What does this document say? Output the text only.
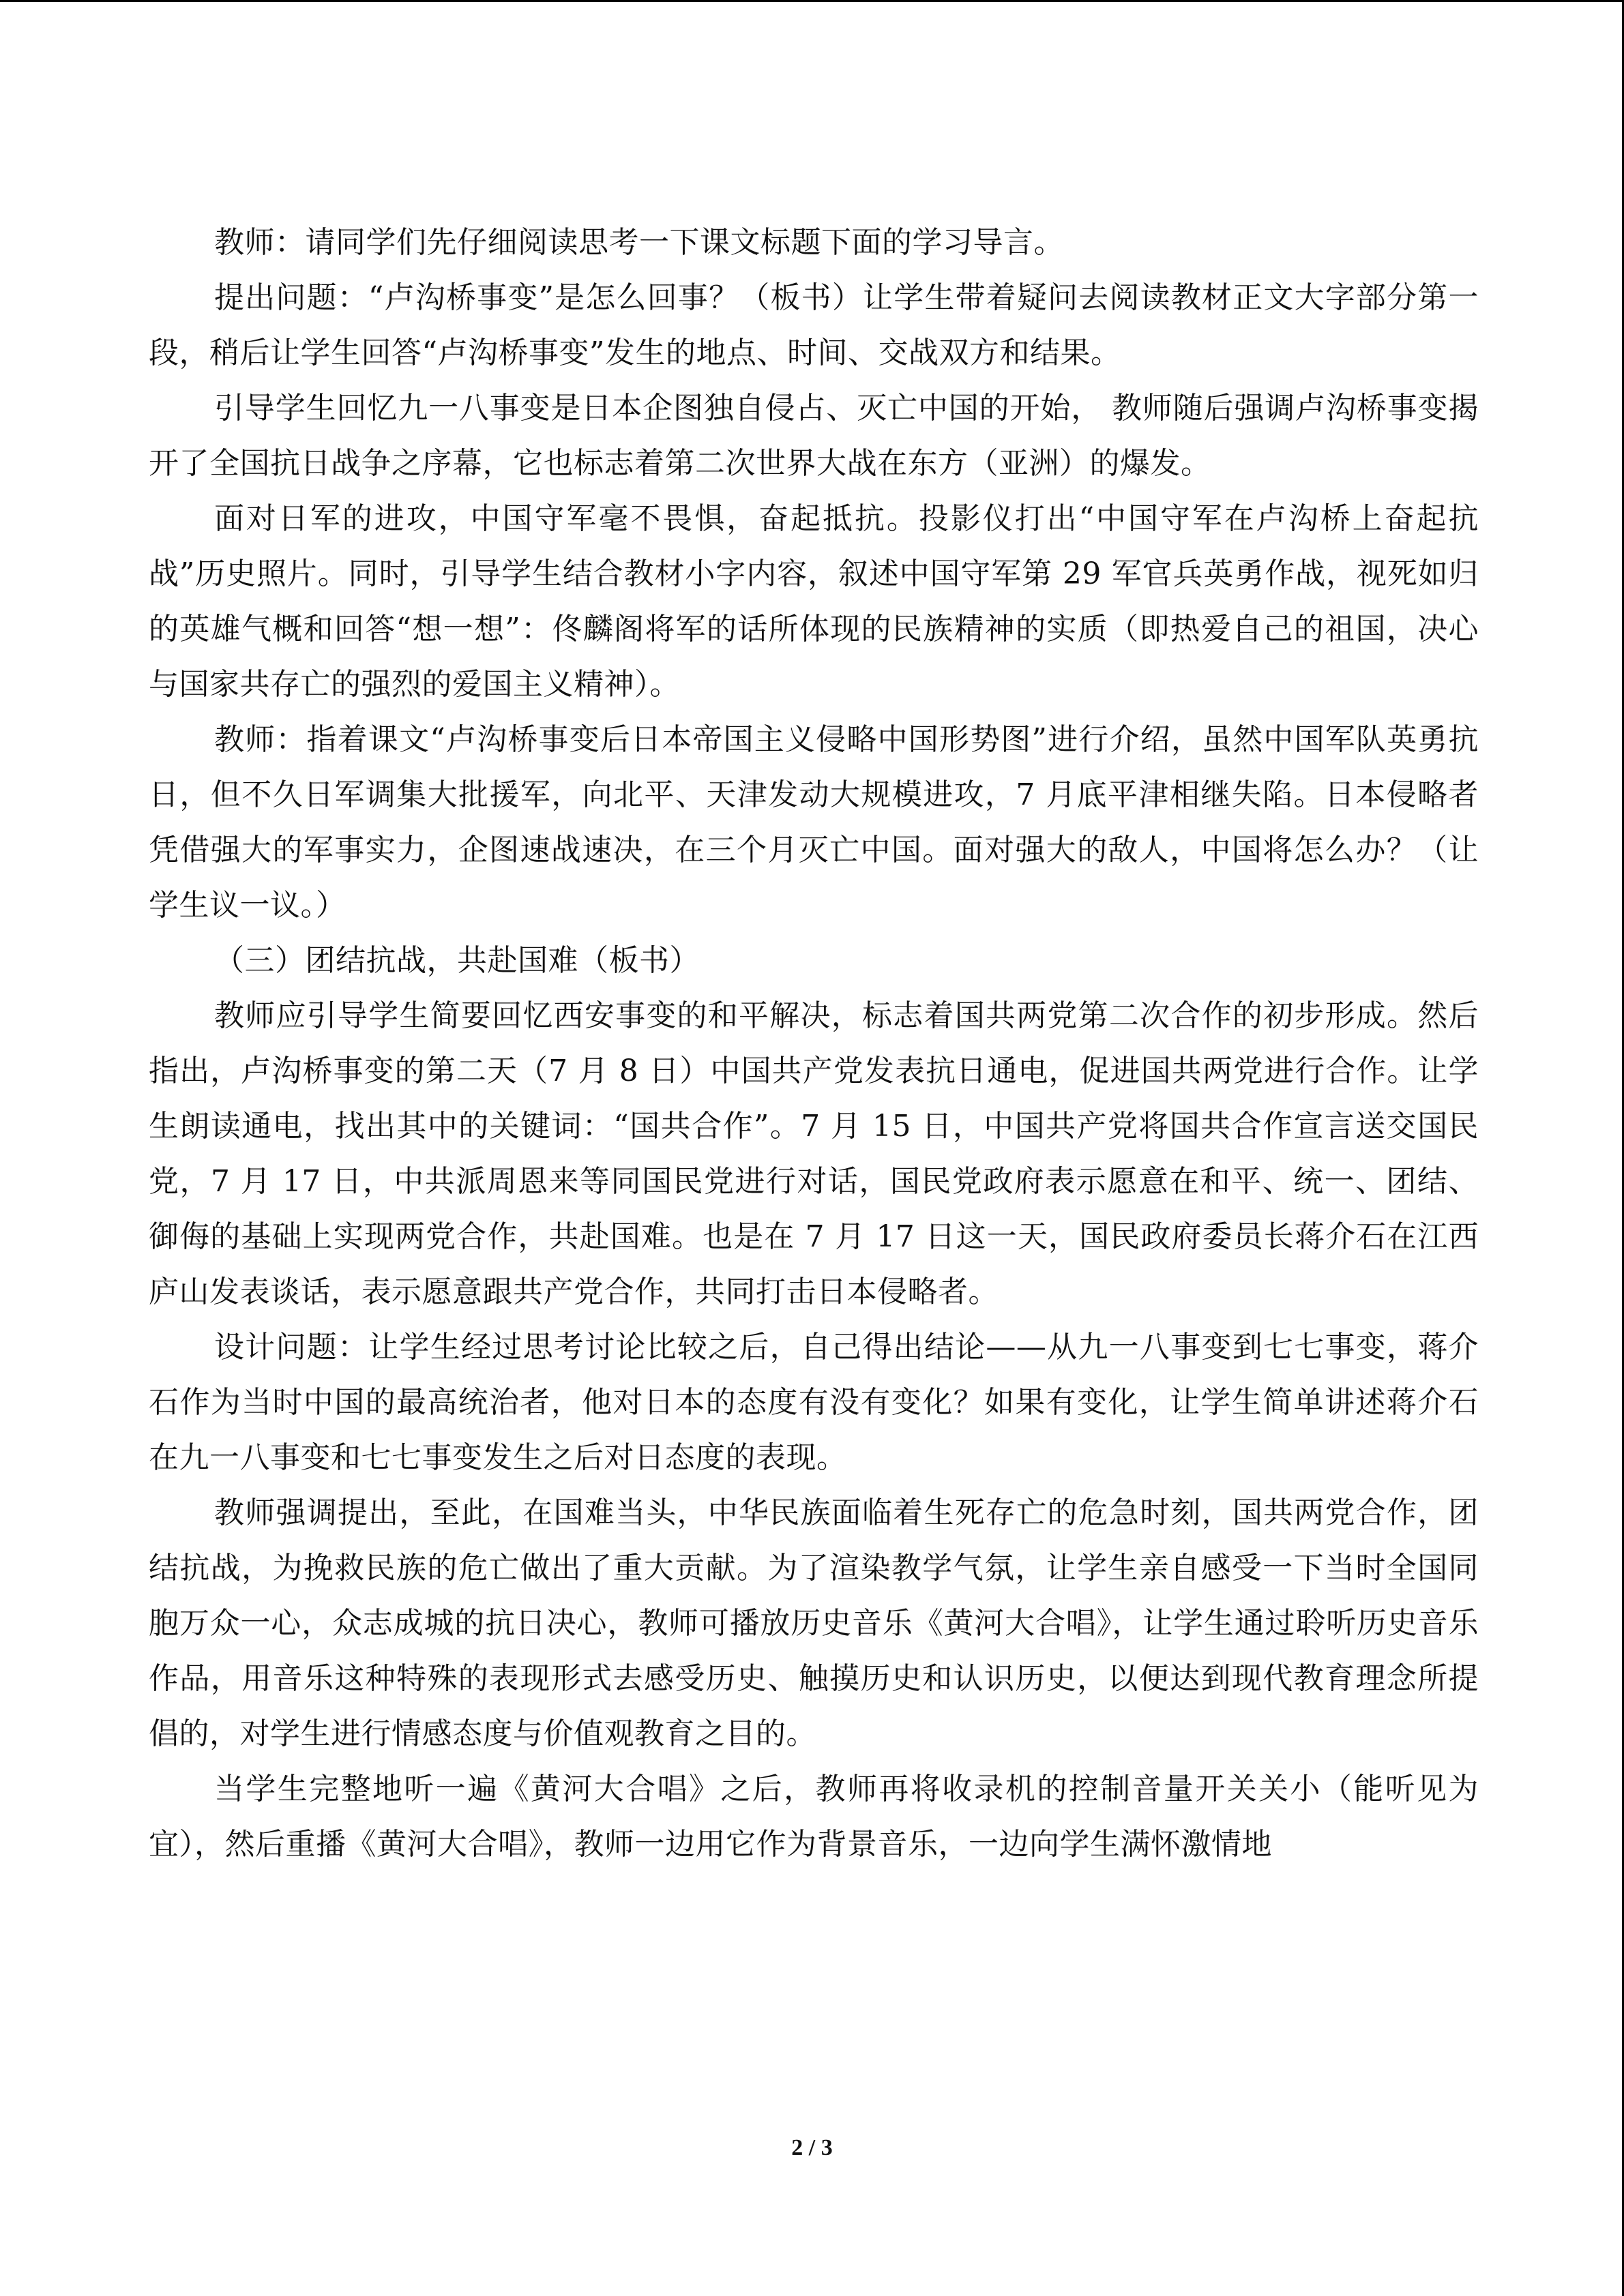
教师：请同学们先仔细阅读思考一下课文标题下面的学习导言。

提出问题：“卢沟桥事变”是怎么回事？（板书）让学生带着疑问去阅读教材正文大字部分第一段，稍后让学生回答“卢沟桥事变”发生的地点、时间、交战双方和结果。

引导学生回忆九一八事变是日本企图独自侵占、灭亡中国的开始， 教师随后强调卢沟桥事变揭开了全国抗日战争之序幕，它也标志着第二次世界大战在东方（亚洲）的爆发。

面对日军的进攻，中国守军毫不畏惧，奋起抵抗。投影仪打出“中国守军在卢沟桥上奋起抗战”历史照片。同时，引导学生结合教材小字内容，叙述中国守军第 29 军官兵英勇作战，视死如归的英雄气概和回答“想一想”：佟麟阁将军的话所体现的民族精神的实质（即热爱自己的祖国，决心与国家共存亡的强烈的爱国主义精神）。

教师：指着课文“卢沟桥事变后日本帝国主义侵略中国形势图”进行介绍，虽然中国军队英勇抗日，但不久日军调集大批援军，向北平、天津发动大规模进攻，7 月底平津相继失陷。日本侵略者凭借强大的军事实力，企图速战速决，在三个月灭亡中国。面对强大的敌人，中国将怎么办？（让学生议一议。）

（三）团结抗战，共赴国难（板书）

教师应引导学生简要回忆西安事变的和平解决，标志着国共两党第二次合作的初步形成。然后指出，卢沟桥事变的第二天（7 月 8 日）中国共产党发表抗日通电，促进国共两党进行合作。让学生朗读通电，找出其中的关键词：“国共合作”。7 月 15 日，中国共产党将国共合作宣言送交国民党，7 月 17 日，中共派周恩来等同国民党进行对话，国民党政府表示愿意在和平、统一、团结、御侮的基础上实现两党合作，共赴国难。也是在 7 月 17 日这一天，国民政府委员长蒋介石在江西庐山发表谈话，表示愿意跟共产党合作，共同打击日本侵略者。

设计问题：让学生经过思考讨论比较之后，自己得出结论——从九一八事变到七七事变，蒋介石作为当时中国的最高统治者，他对日本的态度有没有变化？如果有变化，让学生简单讲述蒋介石在九一八事变和七七事变发生之后对日态度的表现。

教师强调提出，至此，在国难当头，中华民族面临着生死存亡的危急时刻，国共两党合作，团结抗战，为挽救民族的危亡做出了重大贡献。为了渲染教学气氛，让学生亲自感受一下当时全国同胞万众一心，众志成城的抗日决心，教师可播放历史音乐《黄河大合唱》，让学生通过聆听历史音乐作品，用音乐这种特殊的表现形式去感受历史、触摸历史和认识历史，以便达到现代教育理念所提倡的，对学生进行情感态度与价值观教育之目的。

当学生完整地听一遍《黄河大合唱》之后，教师再将收录机的控制音量开关关小（能听见为宜），然后重播《黄河大合唱》，教师一边用它作为背景音乐，一边向学生满怀激情地

2 / 3
